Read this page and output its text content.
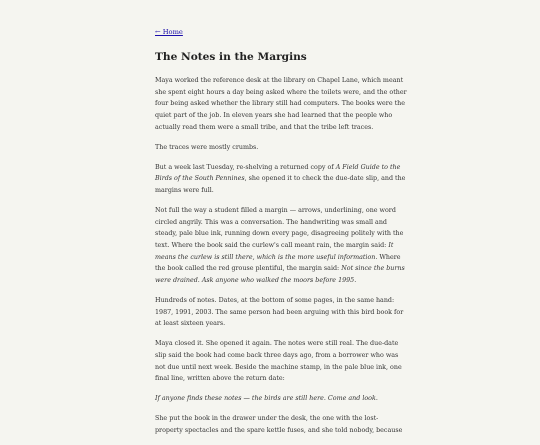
← Home
The Notes in the Margins

Maya worked the reference desk at the library on Chapel Lane, which meant
she spent eight hours a day being asked where the toilets were, and the other
four being asked whether the library still had computers. The books were the
quiet part of the job. In eleven years she had learned that the people who
actually read them were a small tribe, and that the tribe left traces.

The traces were mostly crumbs.

But a week last Tuesday, re-shelving a returned copy of A Field Guide to the
Birds of the South Pennines, she opened it to check the due-date slip, and the
margins were full.

Not full the way a student filled a margin — arrows, underlining, one word
circled angrily. This was a conversation. The handwriting was small and
steady, pale blue ink, running down every page, disagreeing politely with the
text. Where the book said the curlew's call meant rain, the margin said: It
means the curlew is still there, which is the more useful information. Where
the book called the red grouse plentiful, the margin said: Not since the burns
were drained. Ask anyone who walked the moors before 1995.

Hundreds of notes. Dates, at the bottom of some pages, in the same hand:
1987, 1991, 2003. The same person had been arguing with this bird book for
at least sixteen years.

Maya closed it. She opened it again. The notes were still real. The due-date
slip said the book had come back three days ago, from a borrower who was
not due until next week. Beside the machine stamp, in the pale blue ink, one
final line, written above the return date:

If anyone finds these notes — the birds are still here. Come and look.

She put the book in the drawer under the desk, the one with the lost-
property spectacles and the spare kettle fuses, and she told nobody, because
